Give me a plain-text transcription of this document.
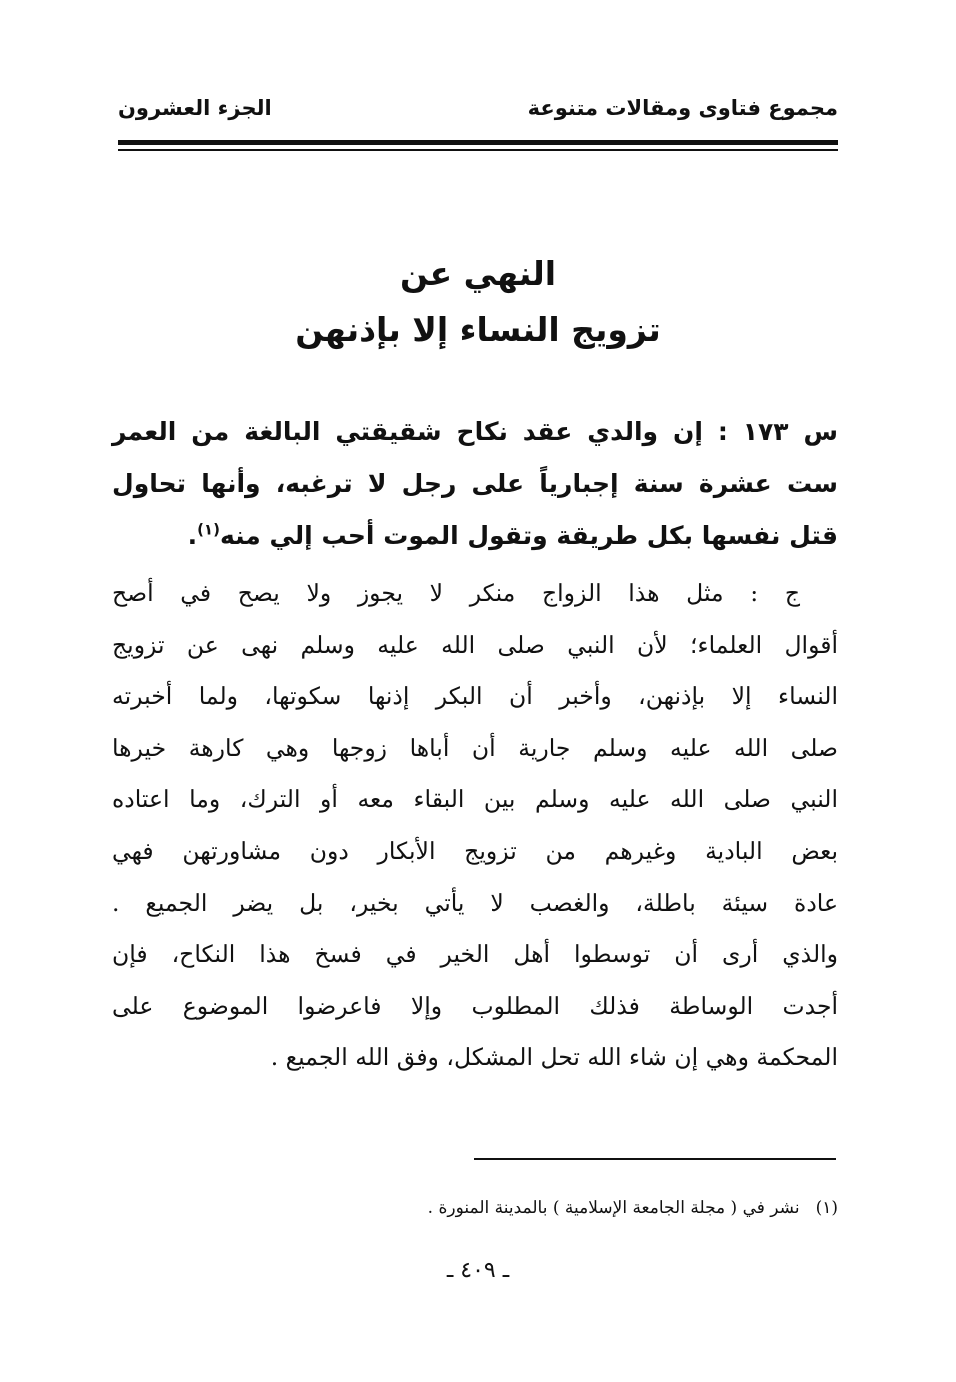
مجموع فتاوى ومقالات متنوعة
الجزء العشرون
النهي عن
تزويج النساء إلا بإذنهن
س ١٧٣ : إن والدي عقد نكاح شقيقتي البالغة من العمر
ست عشرة سنة إجبارياً على رجل لا ترغبه، وأنها تحاول
قتل نفسها بكل طريقة وتقول الموت أحب إلي منه$^{(١)}$.
ج : مثل هذا الزواج منكر لا يجوز ولا يصح في أصح
أقوال العلماء؛ لأن النبي صلى الله عليه وسلم نهى عن تزويج
النساء إلا بإذنهن، وأخبر أن البكر إذنها سكوتها، ولما أخبرته
صلى الله عليه وسلم جارية أن أباها زوجها وهي كارهة خيرها
النبي صلى الله عليه وسلم بين البقاء معه أو الترك، وما اعتاده
بعض البادية وغيرهم من تزويج الأبكار دون مشاورتهن فهي
عادة سيئة باطلة، والغصب لا يأتي بخير، بل يضر الجميع .
والذي أرى أن توسطوا أهل الخير في فسخ هذا النكاح، فإن
أجدت الوساطة فذلك المطلوب وإلا فاعرضوا الموضوع على
المحكمة وهي إن شاء الله تحل المشكل، وفق الله الجميع .
(١)نشر في ( مجلة الجامعة الإسلامية ) بالمدينة المنورة .
ـ ٤٠٩ ـ
